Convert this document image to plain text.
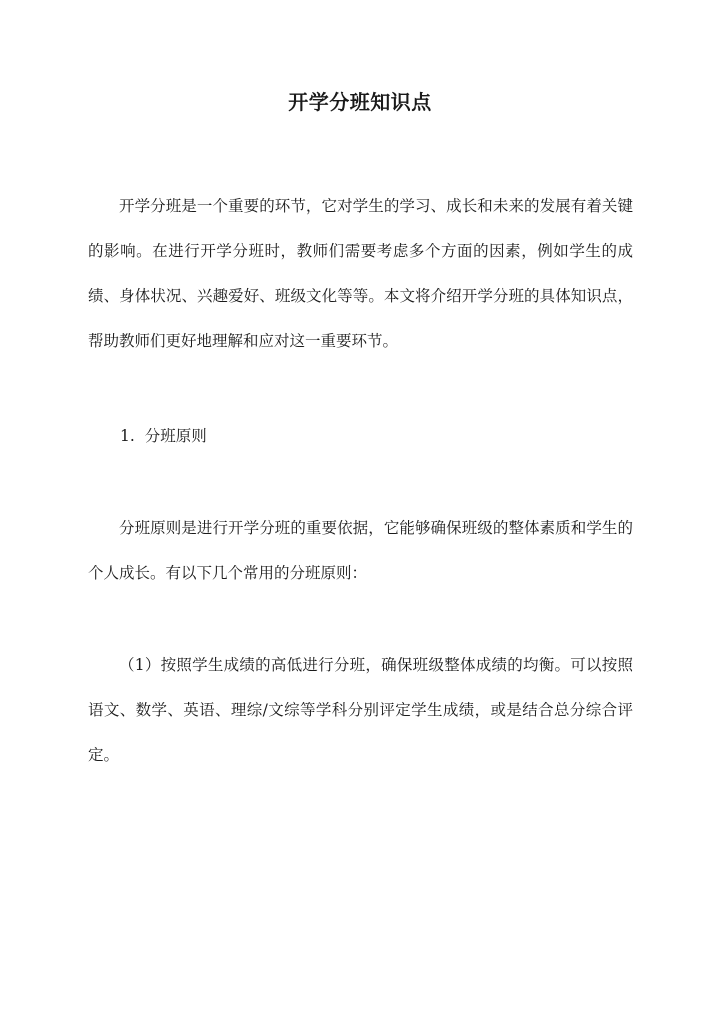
开学分班知识点

开学分班是一个重要的环节，它对学生的学习、成长和未来的发展有着关键的影响。在进行开学分班时，教师们需要考虑多个方面的因素，例如学生的成绩、身体状况、兴趣爱好、班级文化等等。本文将介绍开学分班的具体知识点，帮助教师们更好地理解和应对这一重要环节。

1. 分班原则

分班原则是进行开学分班的重要依据，它能够确保班级的整体素质和学生的个人成长。有以下几个常用的分班原则：

（1）按照学生成绩的高低进行分班，确保班级整体成绩的均衡。可以按照语文、数学、英语、理综/文综等学科分别评定学生成绩，或是结合总分综合评定。
